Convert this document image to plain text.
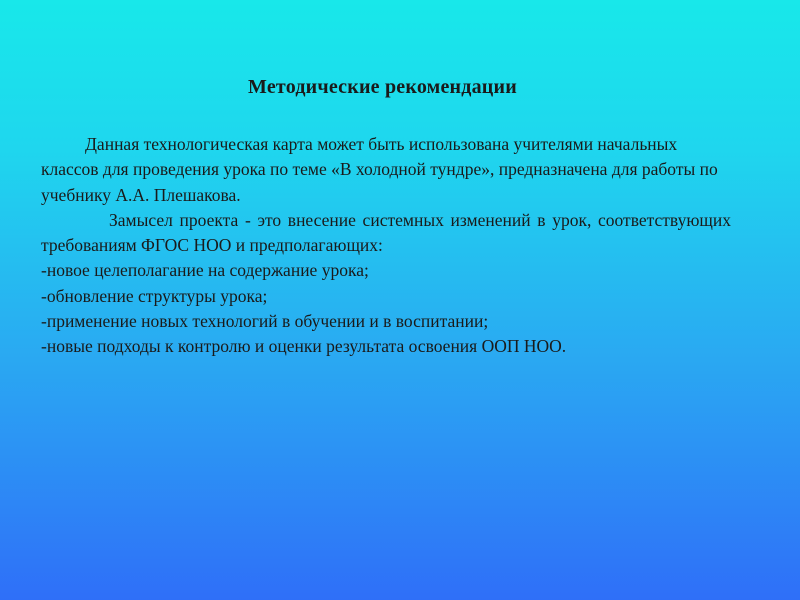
Методические рекомендации

Данная технологическая карта может быть использована учителями начальных классов для проведения урока по теме «В холодной тундре», предназначена для работы по учебнику А.А. Плешакова.

Замысел проекта - это внесение системных изменений в урок, соответствующих требованиям ФГОС НОО и предполагающих:

-новое целеполагание на содержание урока;

-обновление структуры урока;

-применение новых технологий в обучении и в воспитании;

-новые подходы к контролю и оценки результата освоения ООП НОО.
